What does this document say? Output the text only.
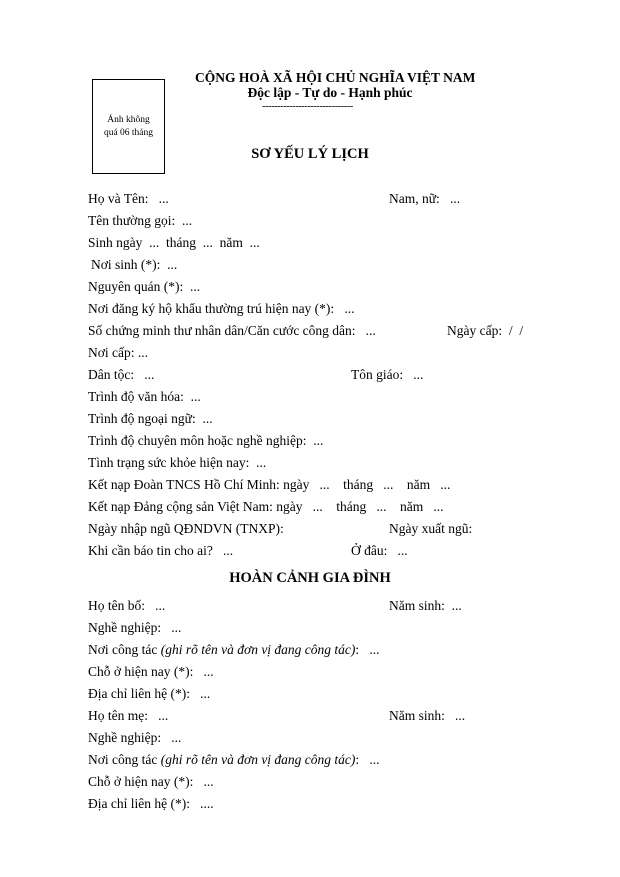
Ảnh không
quá 06 tháng
CỘNG HOÀ XÃ HỘI CHỦ NGHĨA VIỆT NAM
Độc lập - Tự do - Hạnh phúc
------------------------------
SƠ YẾU LÝ LỊCH
Họ và Tên: ...	Nam, nữ: ...
Tên thường gọi: ...
Sinh ngày ... tháng ... năm ...
Nơi sinh (*): ...
Nguyên quán (*): ...
Nơi đăng ký hộ khẩu thường trú hiện nay (*): ...
Số chứng minh thư nhân dân/Căn cước công dân: ...	Ngày cấp: /  /
Nơi cấp: ...
Dân tộc: ...	Tôn giáo: ...
Trình độ văn hóa: ...
Trình độ ngoại ngữ: ...
Trình độ chuyên môn hoặc nghề nghiệp: ...
Tình trạng sức khỏe hiện nay: ...
Kết nạp Đoàn TNCS Hồ Chí Minh: ngày ... tháng ... năm ...
Kết nạp Đảng cộng sản Việt Nam: ngày ... tháng ... năm ...
Ngày nhập ngũ QĐNDVN (TNXP):	Ngày xuất ngũ:
Khi cần báo tin cho ai? ...	Ở đâu: ...
HOÀN CẢNH GIA ĐÌNH
Họ tên bố: ...	Năm sinh: ...
Nghề nghiệp: ...
Nơi công tác (ghi rõ tên và đơn vị đang công tác): ...
Chỗ ở hiện nay (*): ...
Địa chỉ liên hệ (*): ...
Họ tên mẹ: ...	Năm sinh: ...
Nghề nghiệp: ...
Nơi công tác (ghi rõ tên và đơn vị đang công tác): ...
Chỗ ở hiện nay (*): ...
Địa chỉ liên hệ (*): ....
